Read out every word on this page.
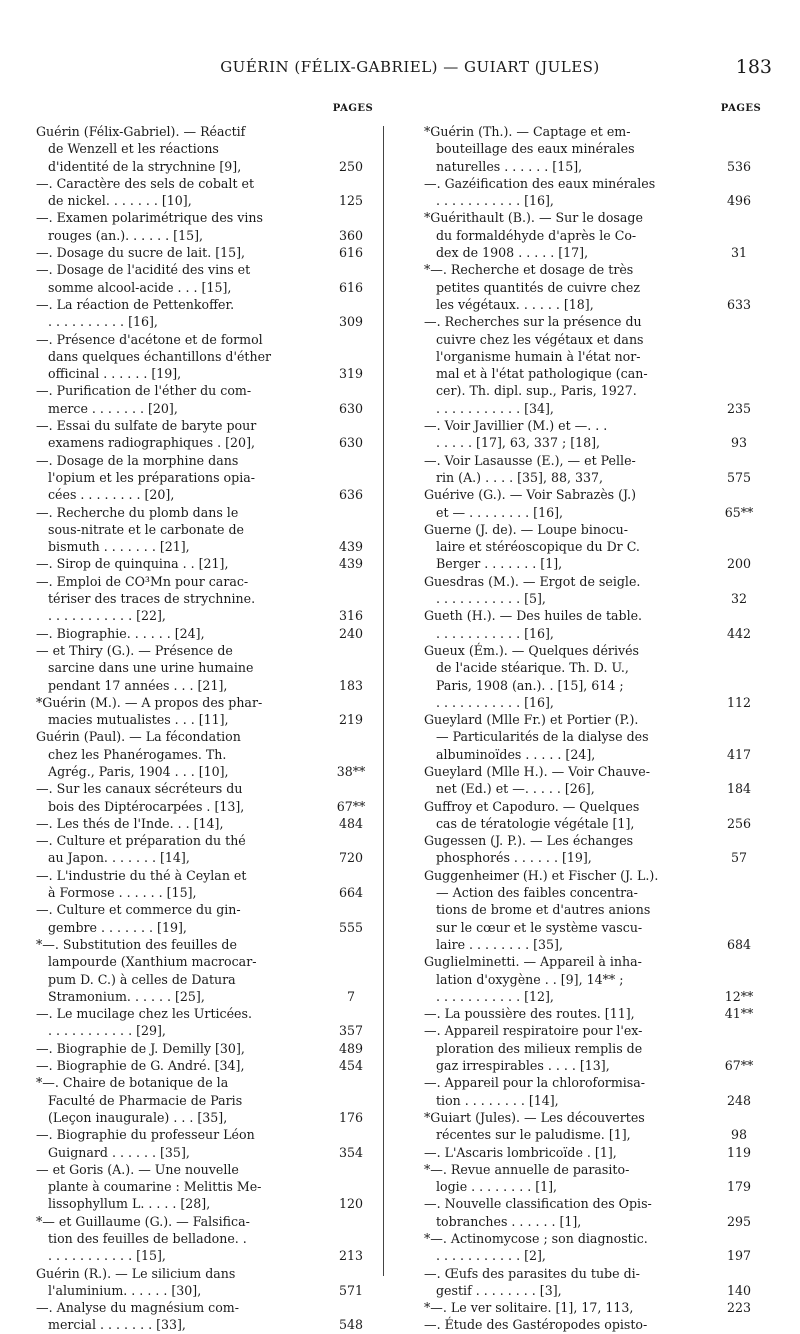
GUÉRIN (FÉLIX-GABRIEL) — GUIART (JULES)	183
PAGES
Guérin (Félix-Gabriel). — Réactif
de Wenzell et les réactions
d'identité de la strychnine [9],	250
—. Caractère des sels de cobalt et
de nickel. . . . . . . [10],	125
—. Examen polarimétrique des vins
rouges (an.). . . . . . [15],	360
—. Dosage du sucre de lait. [15],	616
—. Dosage de l'acidité des vins et
somme alcool-acide . . . [15],	616
—. La réaction de Pettenkoffer.
. . . . . . . . . . [16],	309
—. Présence d'acétone et de formol
dans quelques échantillons d'éther
officinal . . . . . . [19],	319
—. Purification de l'éther du com-
merce . . . . . . . [20],	630
—. Essai du sulfate de baryte pour
examens radiographiques . [20],	630
—. Dosage de la morphine dans
l'opium et les préparations opia-
cées . . . . . . . . [20],	636
—. Recherche du plomb dans le
sous-nitrate et le carbonate de
bismuth . . . . . . . [21],	439
—. Sirop de quinquina . . [21],	439
—. Emploi de CO³Mn pour carac-
tériser des traces de strychnine.
. . . . . . . . . . . [22],	316
—. Biographie. . . . . . [24],	240
— et Thiry (G.). — Présence de
sarcine dans une urine humaine
pendant 17 années . . . [21],	183
*Guérin (M.). — A propos des phar-
macies mutualistes . . . [11],	219
Guérin (Paul). — La fécondation
chez les Phanérogames. Th.
Agrég., Paris, 1904 . . . [10],	38**
—. Sur les canaux sécréteurs du
bois des Diptérocarpées . [13],	67**
—. Les thés de l'Inde. . . [14],	484
—. Culture et préparation du thé
au Japon. . . . . . . [14],	720
—. L'industrie du thé à Ceylan et
à Formose . . . . . . [15],	664
—. Culture et commerce du gin-
gembre . . . . . . . [19],	555
*—. Substitution des feuilles de
lampourde (Xanthium macrocar-
pum D. C.) à celles de Datura
Stramonium. . . . . . [25],	7
—. Le mucilage chez les Urticées.
. . . . . . . . . . . [29],	357
—. Biographie de J. Demilly [30],	489
—. Biographie de G. André. [34],	454
*—. Chaire de botanique de la
Faculté de Pharmacie de Paris
(Leçon inaugurale) . . . [35],	176
—. Biographie du professeur Léon
Guignard . . . . . . [35],	354
— et Goris (A.). — Une nouvelle
plante à coumarine : Melittis Me-
lissophyllum L. . . . . [28],	120
*— et Guillaume (G.). — Falsifica-
tion des feuilles de belladone. .
. . . . . . . . . . . [15],	213
Guérin (R.). — Le silicium dans
l'aluminium. . . . . . [30],	571
—. Analyse du magnésium com-
mercial . . . . . . . [33],	548
PAGES
*Guérin (Th.). — Captage et em-
bouteillage des eaux minérales
naturelles . . . . . . [15],	536
—. Gazéification des eaux minérales
. . . . . . . . . . . [16],	496
*Guérithault (B.). — Sur le dosage
du formaldéhyde d'après le Co-
dex de 1908 . . . . . [17],	31
*—. Recherche et dosage de très
petites quantités de cuivre chez
les végétaux. . . . . . [18],	633
—. Recherches sur la présence du
cuivre chez les végétaux et dans
l'organisme humain à l'état nor-
mal et à l'état pathologique (can-
cer). Th. dipl. sup., Paris, 1927.
. . . . . . . . . . . [34],	235
—. Voir Javillier (M.) et —. . .
. . . . . [17], 63, 337 ; [18],	93
—. Voir Lasausse (E.), — et Pelle-
rin (A.) . . . . [35], 88, 337,	575
Guérive (G.). — Voir Sabrazès (J.)
et — . . . . . . . . [16],	65**
Guerne (J. de). — Loupe binocu-
laire et stéréoscopique du Dr C.
Berger . . . . . . . [1],	200
Guesdras (M.). — Ergot de seigle.
. . . . . . . . . . . [5],	32
Gueth (H.). — Des huiles de table.
. . . . . . . . . . . [16],	442
Gueux (Ém.). — Quelques dérivés
de l'acide stéarique. Th. D. U.,
Paris, 1908 (an.). . [15], 614 ;
. . . . . . . . . . . [16],	112
Gueylard (Mlle Fr.) et Portier (P.).
— Particularités de la dialyse des
albuminoïdes . . . . . [24],	417
Gueylard (Mlle H.). — Voir Chauve-
net (Ed.) et —. . . . . [26],	184
Guffroy et Capoduro. — Quelques
cas de tératologie végétale [1],	256
Gugessen (J. P.). — Les échanges
phosphorés . . . . . . [19],	57
Guggenheimer (H.) et Fischer (J. L.).
— Action des faibles concentra-
tions de brome et d'autres anions
sur le cœur et le système vascu-
laire . . . . . . . . [35],	684
Guglielminetti. — Appareil à inha-
lation d'oxygène . . [9], 14** ;
. . . . . . . . . . . [12],	12**
—. La poussière des routes. [11],	41**
—. Appareil respiratoire pour l'ex-
ploration des milieux remplis de
gaz irrespirables . . . . [13],	67**
—. Appareil pour la chloroformisa-
tion . . . . . . . . [14],	248
*Guiart (Jules). — Les découvertes
récentes sur le paludisme. [1],	98
—. L'Ascaris lombricoïde . [1],	119
*—. Revue annuelle de parasito-
logie . . . . . . . . [1],	179
—. Nouvelle classification des Opis-
tobranches . . . . . . [1],	295
*—. Actinomycose ; son diagnostic.
. . . . . . . . . . . [2],	197
—. Œufs des parasites du tube di-
gestif . . . . . . . . [3],	140
*—. Le ver solitaire. [1], 17, 113,	223
—. Étude des Gastéropodes opisto-
